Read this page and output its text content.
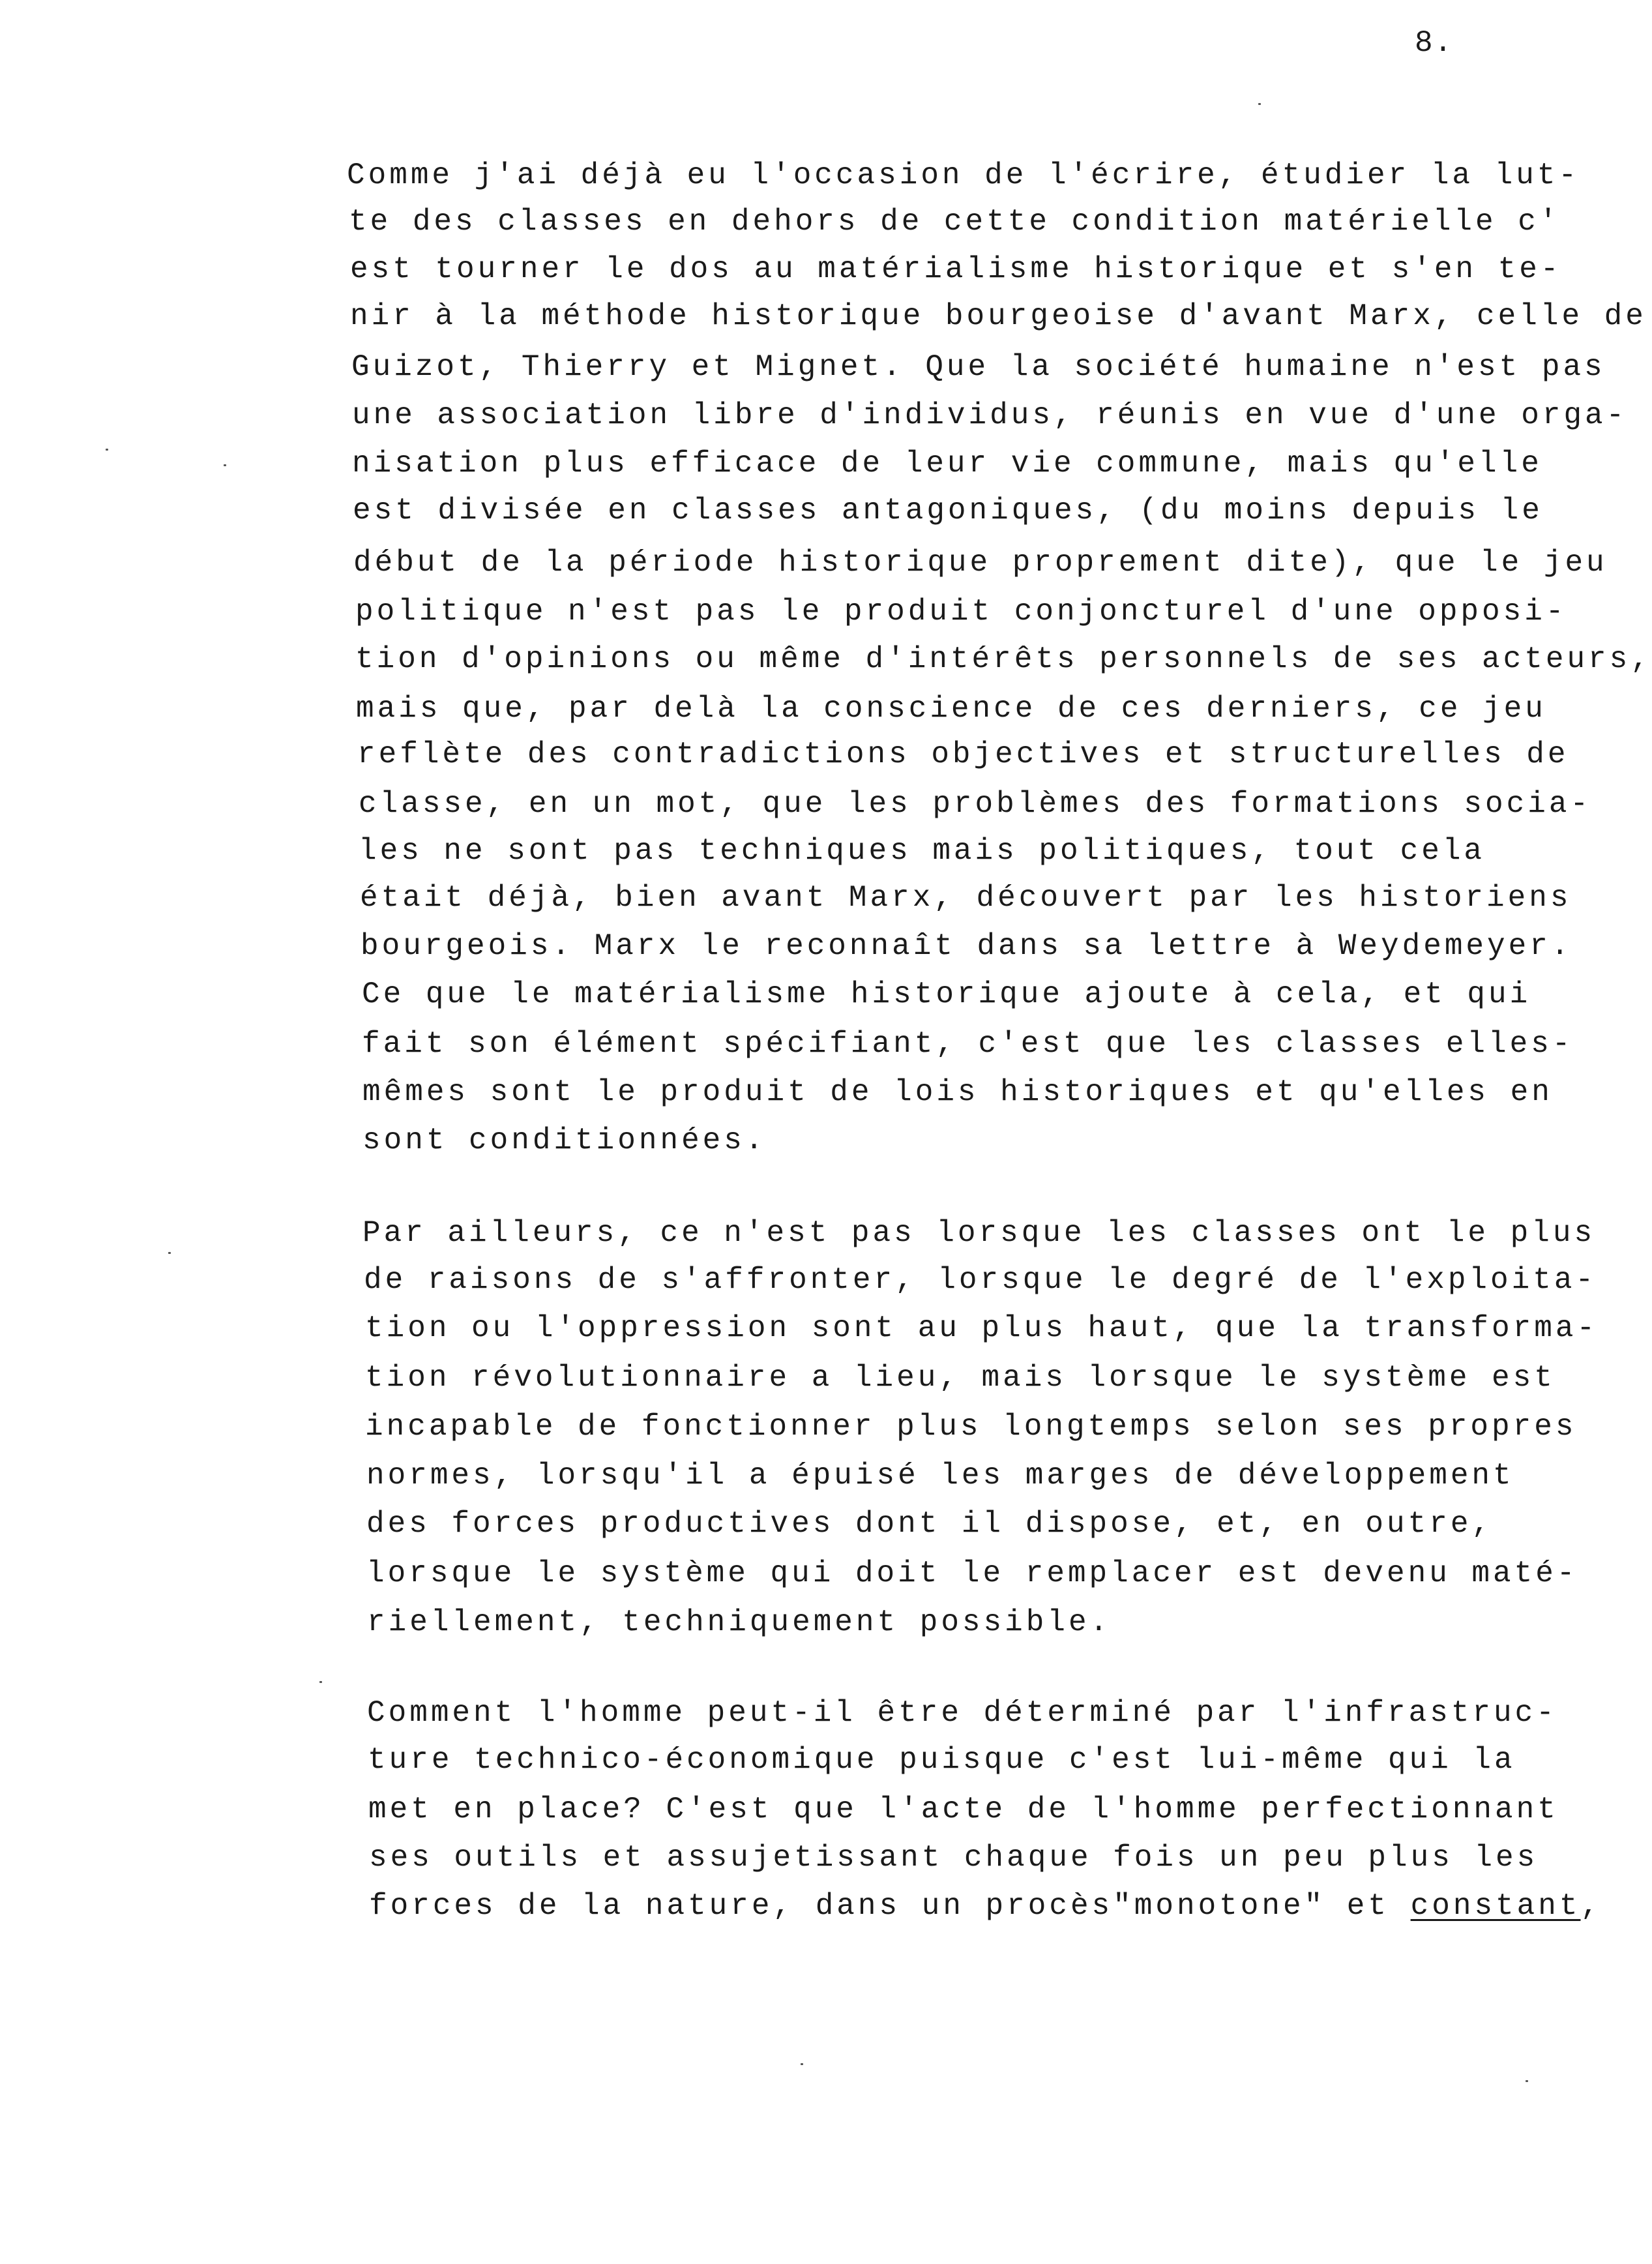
8.
Comme j'ai déjà eu l'occasion de l'écrire, étudier la lut-
te des classes en dehors de cette condition matérielle c'
est tourner le dos au matérialisme historique et s'en te-
nir à la méthode historique bourgeoise d'avant Marx, celle de
Guizot, Thierry et Mignet. Que la société humaine n'est pas
une association libre d'individus, réunis en vue d'une orga-
nisation plus efficace de leur vie commune, mais qu'elle
est divisée en classes antagoniques, (du moins depuis le
début de la période historique proprement dite), que le jeu
politique n'est pas le produit conjoncturel d'une opposi-
tion d'opinions ou même d'intérêts personnels de ses acteurs,
mais que, par delà la conscience de ces derniers, ce jeu
reflète des contradictions objectives et structurelles de
classe, en un mot, que les problèmes des formations socia-
les ne sont pas techniques mais politiques, tout cela
était déjà, bien avant Marx, découvert par les historiens
bourgeois. Marx le reconnaît dans sa lettre à Weydemeyer.
Ce que le matérialisme historique ajoute à cela, et qui
fait son élément spécifiant, c'est que les classes elles-
mêmes sont le produit de lois historiques et qu'elles en
sont conditionnées.
Par ailleurs, ce n'est pas lorsque les classes ont le plus
de raisons de s'affronter, lorsque le degré de l'exploita-
tion ou l'oppression sont au plus haut, que la transforma-
tion révolutionnaire a lieu, mais lorsque le système est
incapable de fonctionner plus longtemps selon ses propres
normes, lorsqu'il a épuisé les marges de développement
des forces productives dont il dispose, et, en outre,
lorsque le système qui doit le remplacer est devenu maté-
riellement, techniquement possible.
Comment l'homme peut-il être déterminé par l'infrastruc-
ture technico-économique puisque c'est lui-même qui la
met en place? C'est que l'acte de l'homme perfectionnant
ses outils et assujetissant chaque fois un peu plus les
forces de la nature, dans un procès"monotone" et constant,
